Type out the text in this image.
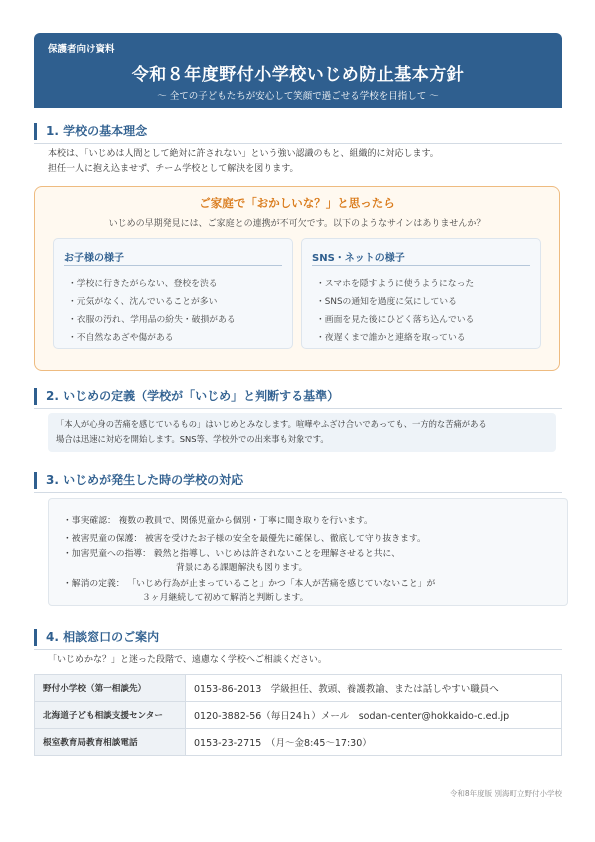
保護者向け資料
令和８年度野付小学校いじめ防止基本方針
～ 全ての子どもたちが安心して笑顔で過ごせる学校を目指して ～
1. 学校の基本理念
本校は、「いじめは人間として絶対に許されない」という強い認識のもと、組織的に対応します。
担任一人に抱え込ませず、チーム学校として解決を図ります。
ご家庭で「おかしいな？」と思ったら
いじめの早期発見には、ご家庭との連携が不可欠です。以下のようなサインはありませんか？
お子様の様子
・学校に行きたがらない、登校を渋る
・元気がなく、沈んでいることが多い
・衣服の汚れ、学用品の紛失・破損がある
・不自然なあざや傷がある
SNS・ネットの様子
・スマホを隠すように使うようになった
・SNSの通知を過度に気にしている
・画面を見た後にひどく落ち込んでいる
・夜遅くまで誰かと連絡を取っている
2. いじめの定義（学校が「いじめ」と判断する基準）
「本人が心身の苦痛を感じているもの」はいじめとみなします。喧嘩やふざけ合いであっても、一方的な苦痛がある
場合は迅速に対応を開始します。SNS等、学校外での出来事も対象です。
3. いじめが発生した時の学校の対応
・事実確認： 複数の教員で、関係児童から個別・丁寧に聞き取りを行います。
・被害児童の保護： 被害を受けたお子様の安全を最優先に確保し、徹底して守り抜きます。
・加害児童への指導： 毅然と指導し、いじめは許されないことを理解させると共に、
背景にある課題解決も図ります。
・解消の定義： 「いじめ行為が止まっていること」かつ「本人が苦痛を感じていないこと」が
３ヶ月継続して初めて解消と判断します。
4. 相談窓口のご案内
「いじめかな？」と迷った段階で、遠慮なく学校へご相談ください。
野付小学校（第一相談先）	0153-86-2013　学級担任、教頭、養護教諭、または話しやすい職員へ
北海道子ども相談支援センター	0120-3882-56（毎日24ｈ）メール　sodan-center@hokkaido-c.ed.jp
根室教育局教育相談電話	0153-23-2715　（月～金8:45～17:30）
令和8年度版 別海町立野付小学校
